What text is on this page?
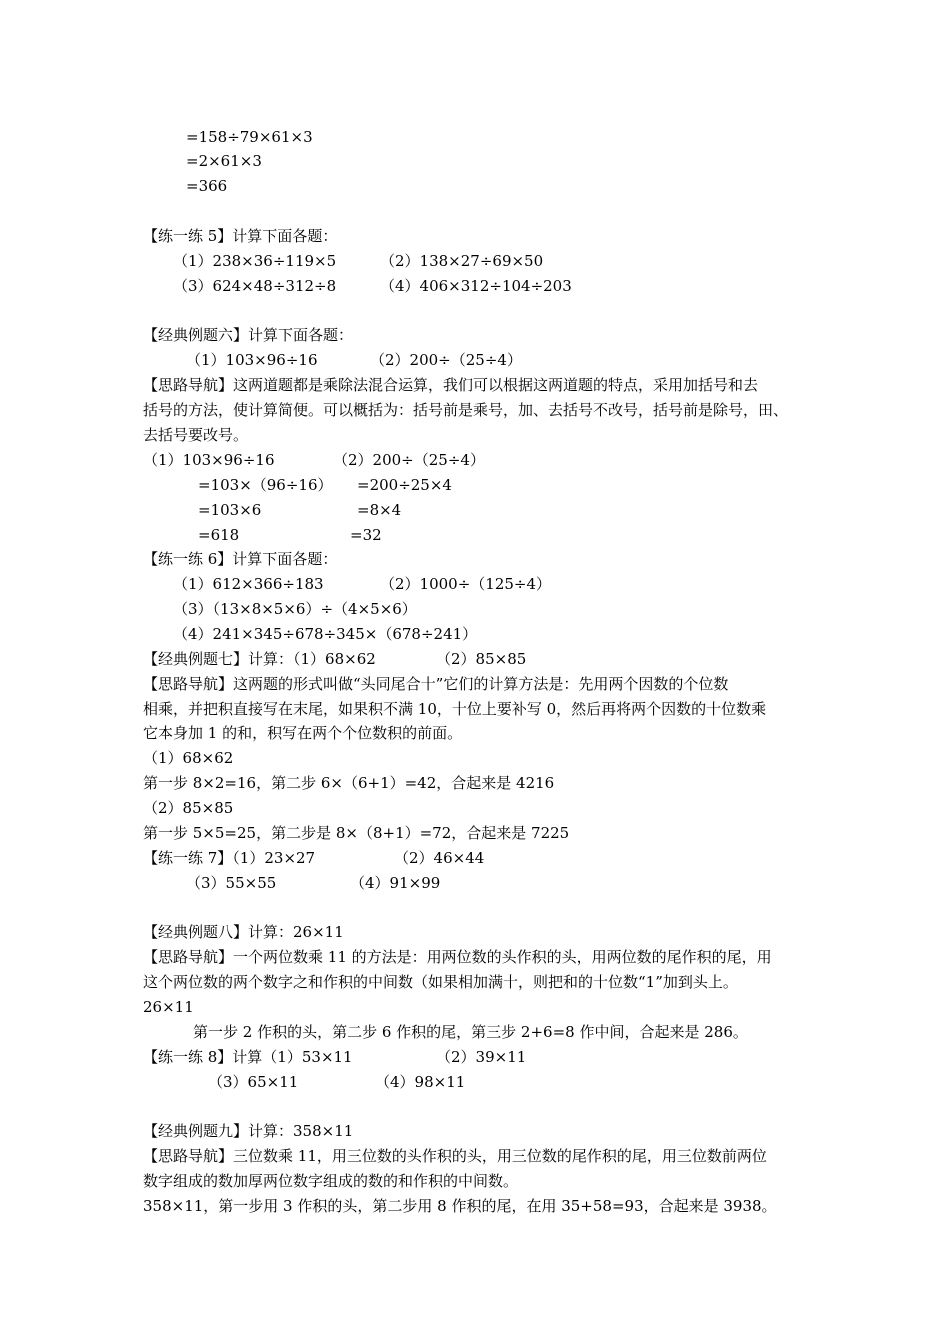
=158÷79×61×3
=2×61×3
=366
【练一练 5】计算下面各题：
（1）238×36÷119×5	（2）138×27÷69×50
（3）624×48÷312÷8	（4）406×312÷104÷203
【经典例题六】计算下面各题：
（1）103×96÷16	（2）200÷（25÷4）
【思路导航】这两道题都是乘除法混合运算，我们可以根据这两道题的特点，采用加括号和去
括号的方法，使计算简便。可以概括为：括号前是乘号，加、去括号不改号，括号前是除号，田、
去括号要改号。
（1）103×96÷16	（2）200÷（25÷4）
=103×（96÷16） =200÷25×4
=103×6	=8×4
=618	=32
【练一练 6】计算下面各题：
（1）612×366÷183	（2）1000÷（125÷4）
（3）（13×8×5×6）÷（4×5×6）
（4）241×345÷678÷345×（678÷241）
【经典例题七】计算：（1）68×62	（2）85×85
【思路导航】这两题的形式叫做“头同尾合十”它们的计算方法是：先用两个因数的个位数
相乘，并把积直接写在末尾，如果积不满 10，十位上要补写 0，然后再将两个因数的十位数乘
它本身加 1 的和，积写在两个个位数积的前面。
（1）68×62
第一步 8×2=16，第二步 6×（6+1）=42，合起来是 4216
（2）85×85
第一步 5×5=25，第二步是 8×（8+1）=72，合起来是 7225
【练一练 7】（1）23×27	（2）46×44
（3）55×55	（4）91×99
【经典例题八】计算：26×11
【思路导航】一个两位数乘 11 的方法是：用两位数的头作积的头，用两位数的尾作积的尾，用
这个两位数的两个数字之和作积的中间数（如果相加满十，则把和的十位数“1”加到头上。
26×11
第一步 2 作积的头，第二步 6 作积的尾，第三步 2+6=8 作中间，合起来是 286。
【练一练 8】计算（1）53×11	（2）39×11
（3）65×11	（4）98×11
【经典例题九】计算：358×11
【思路导航】三位数乘 11，用三位数的头作积的头，用三位数的尾作积的尾，用三位数前两位
数字组成的数加厚两位数字组成的数的和作积的中间数。
358×11，第一步用 3 作积的头，第二步用 8 作积的尾，在用 35+58=93，合起来是 3938。
